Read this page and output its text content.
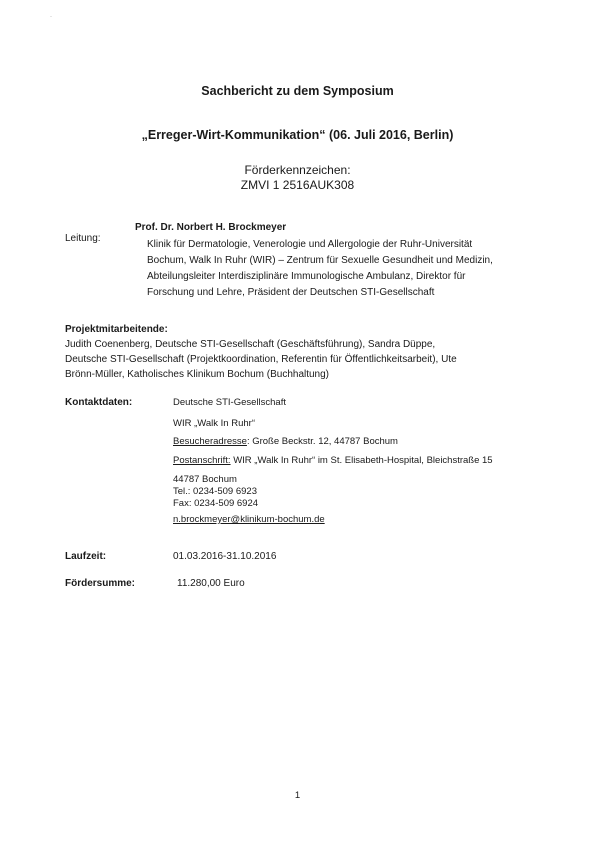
·
Sachbericht zu dem Symposium
„Erreger-Wirt-Kommunikation“ (06. Juli 2016, Berlin)
Förderkennzeichen:
ZMVI 1 2516AUK308
Leitung:
Prof. Dr. Norbert H. Brockmeyer
Klinik für Dermatologie, Venerologie und Allergologie der Ruhr-Universität
Bochum, Walk In Ruhr (WIR) – Zentrum für Sexuelle Gesundheit und Medizin,
Abteilungsleiter Interdisziplinäre Immunologische Ambulanz, Direktor für
Forschung und Lehre, Präsident der Deutschen STI-Gesellschaft
Projektmitarbeitende:
Judith Coenenberg, Deutsche STI-Gesellschaft (Geschäftsführung), Sandra Düppe,
Deutsche STI-Gesellschaft (Projektkoordination, Referentin für Öffentlichkeitsarbeit), Ute
Brönn-Müller, Katholisches Klinikum Bochum (Buchhaltung)
Kontaktdaten:	Deutsche STI-Gesellschaft
WIR „Walk In Ruhr“
Besucheradresse: Große Beckstr. 12, 44787 Bochum
Postanschrift: WIR „Walk In Ruhr“ im St. Elisabeth-Hospital, Bleichstraße 15
44787 Bochum
Tel.: 0234-509 6923
Fax: 0234-509 6924
n.brockmeyer@klinikum-bochum.de
Laufzeit:	01.03.2016-31.10.2016
Fördersumme:	11.280,00 Euro
1
